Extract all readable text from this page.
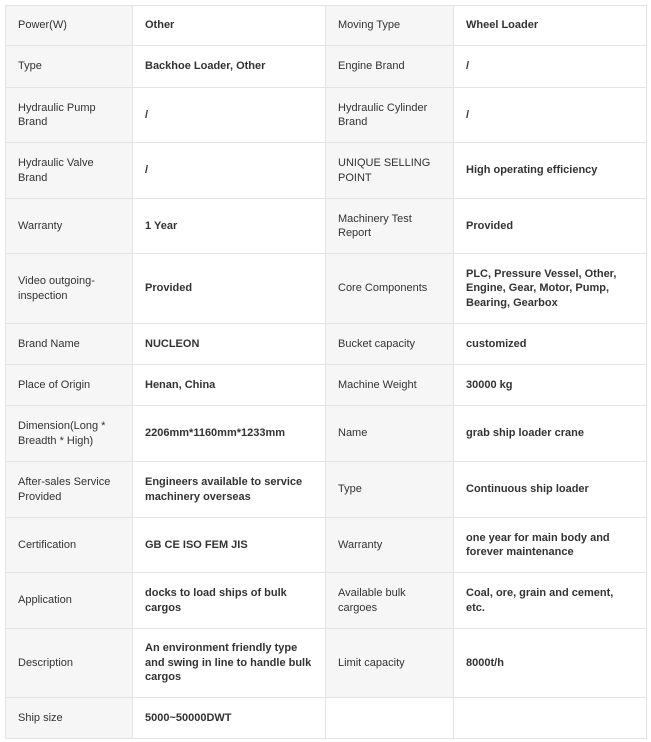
Power(W)	Other	Moving Type	Wheel Loader
Type	Backhoe Loader, Other	Engine Brand	/
Hydraulic Pump Brand	/	Hydraulic Cylinder Brand	/
Hydraulic Valve Brand	/	UNIQUE SELLING POINT	High operating efficiency
Warranty	1 Year	Machinery Test Report	Provided
Video outgoing-inspection	Provided	Core Components	PLC, Pressure Vessel, Other, Engine, Gear, Motor, Pump, Bearing, Gearbox
Brand Name	NUCLEON	Bucket capacity	customized
Place of Origin	Henan, China	Machine Weight	30000 kg
Dimension(Long * Breadth * High)	2206mm*1160mm*1233mm	Name	grab ship loader crane
After-sales Service Provided	Engineers available to service machinery overseas	Type	Continuous ship loader
Certification	GB CE ISO FEM JIS	Warranty	one year for main body and forever maintenance
Application	docks to load ships of bulk cargos	Available bulk cargoes	Coal, ore, grain and cement, etc.
Description	An environment friendly type and swing in line to handle bulk cargos	Limit capacity	8000t/h
Ship size	5000~50000DWT		
